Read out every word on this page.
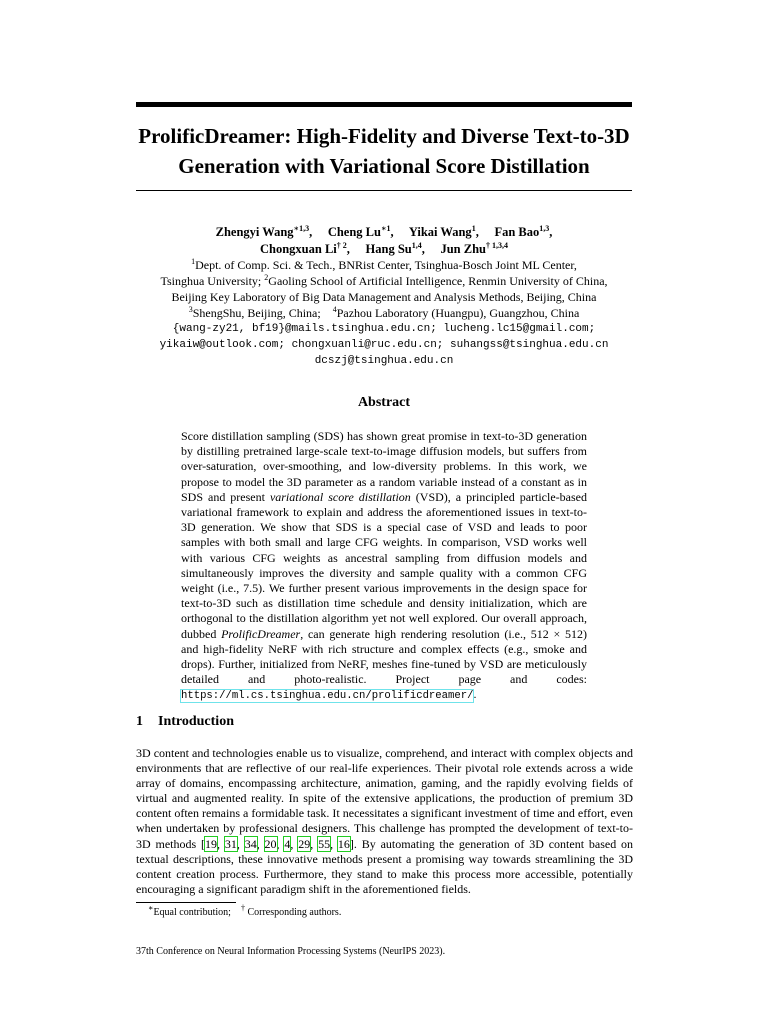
ProlificDreamer: High-Fidelity and Diverse Text-to-3D
Generation with Variational Score Distillation
Zhengyi Wang$^{∗1,3}$,     Cheng $Lu^{∗1}$,     Yikai Wang$^1$,     Fan Bao$^{1,3}$,
Chongxuan Li$^{\dagger 2}$,     Hang Su$^{1,4}$,     Jun Zhu$^{\dagger 1,3,4}$
$^1$Dept. of Comp. Sci. & Tech., BNRist Center, Tsinghua-Bosch Joint ML Center,
Tsinghua University; $^2$Gaoling School of Artificial Intelligence, Renmin University of China,
Beijing Key Laboratory of Big Data Management and Analysis Methods, Beijing, China
$^3$ShengShu, Beijing, China; $^4$Pazhou Laboratory (Huangpu), Guangzhou, China
{wang-zy21, bf19}@mails.tsinghua.edu.cn; lucheng.lc15@gmail.com;
yikaiw@outlook.com; chongxuanli@ruc.edu.cn; suhangss@tsinghua.edu.cn
dcszj@tsinghua.edu.cn
Abstract
Score distillation sampling (SDS) has shown great promise in text-to-3D generation by distilling pretrained large-scale text-to-image diffusion models, but suffers from over-saturation, over-smoothing, and low-diversity problems. In this work, we propose to model the 3D parameter as a random variable instead of a constant as in SDS and present variational score distillation (VSD), a principled particle-based variational framework to explain and address the aforementioned issues in text-to-3D generation. We show that SDS is a special case of VSD and leads to poor samples with both small and large CFG weights. In comparison, VSD works well with various CFG weights as ancestral sampling from diffusion models and simultaneously improves the diversity and sample quality with a common CFG weight (i.e., 7.5). We further present various improvements in the design space for text-to-3D such as distillation time schedule and density initialization, which are orthogonal to the distillation algorithm yet not well explored. Our overall approach, dubbed ProlificDreamer, can generate high rendering resolution (i.e., 512 × 512) and high-fidelity NeRF with rich structure and complex effects (e.g., smoke and drops). Further, initialized from NeRF, meshes fine-tuned by VSD are meticulously detailed and photo-realistic. Project page and codes: https://ml.cs.tsinghua.edu.cn/prolificdreamer/.
1 Introduction
3D content and technologies enable us to visualize, comprehend, and interact with complex objects and environments that are reflective of our real-life experiences. Their pivotal role extends across a wide array of domains, encompassing architecture, animation, gaming, and the rapidly evolving fields of virtual and augmented reality. In spite of the extensive applications, the production of premium 3D content often remains a formidable task. It necessitates a significant investment of time and effort, even when undertaken by professional designers. This challenge has prompted the development of text-to-3D methods [19, 31, 34, 20, 4, 29, 55, 16]. By automating the generation of 3D content based on textual descriptions, these innovative methods present a promising way towards streamlining the 3D content creation process. Furthermore, they stand to make this process more accessible, potentially encouraging a significant paradigm shift in the aforementioned fields.
∗Equal contribution; † Corresponding authors.
37th Conference on Neural Information Processing Systems (NeurIPS 2023).
